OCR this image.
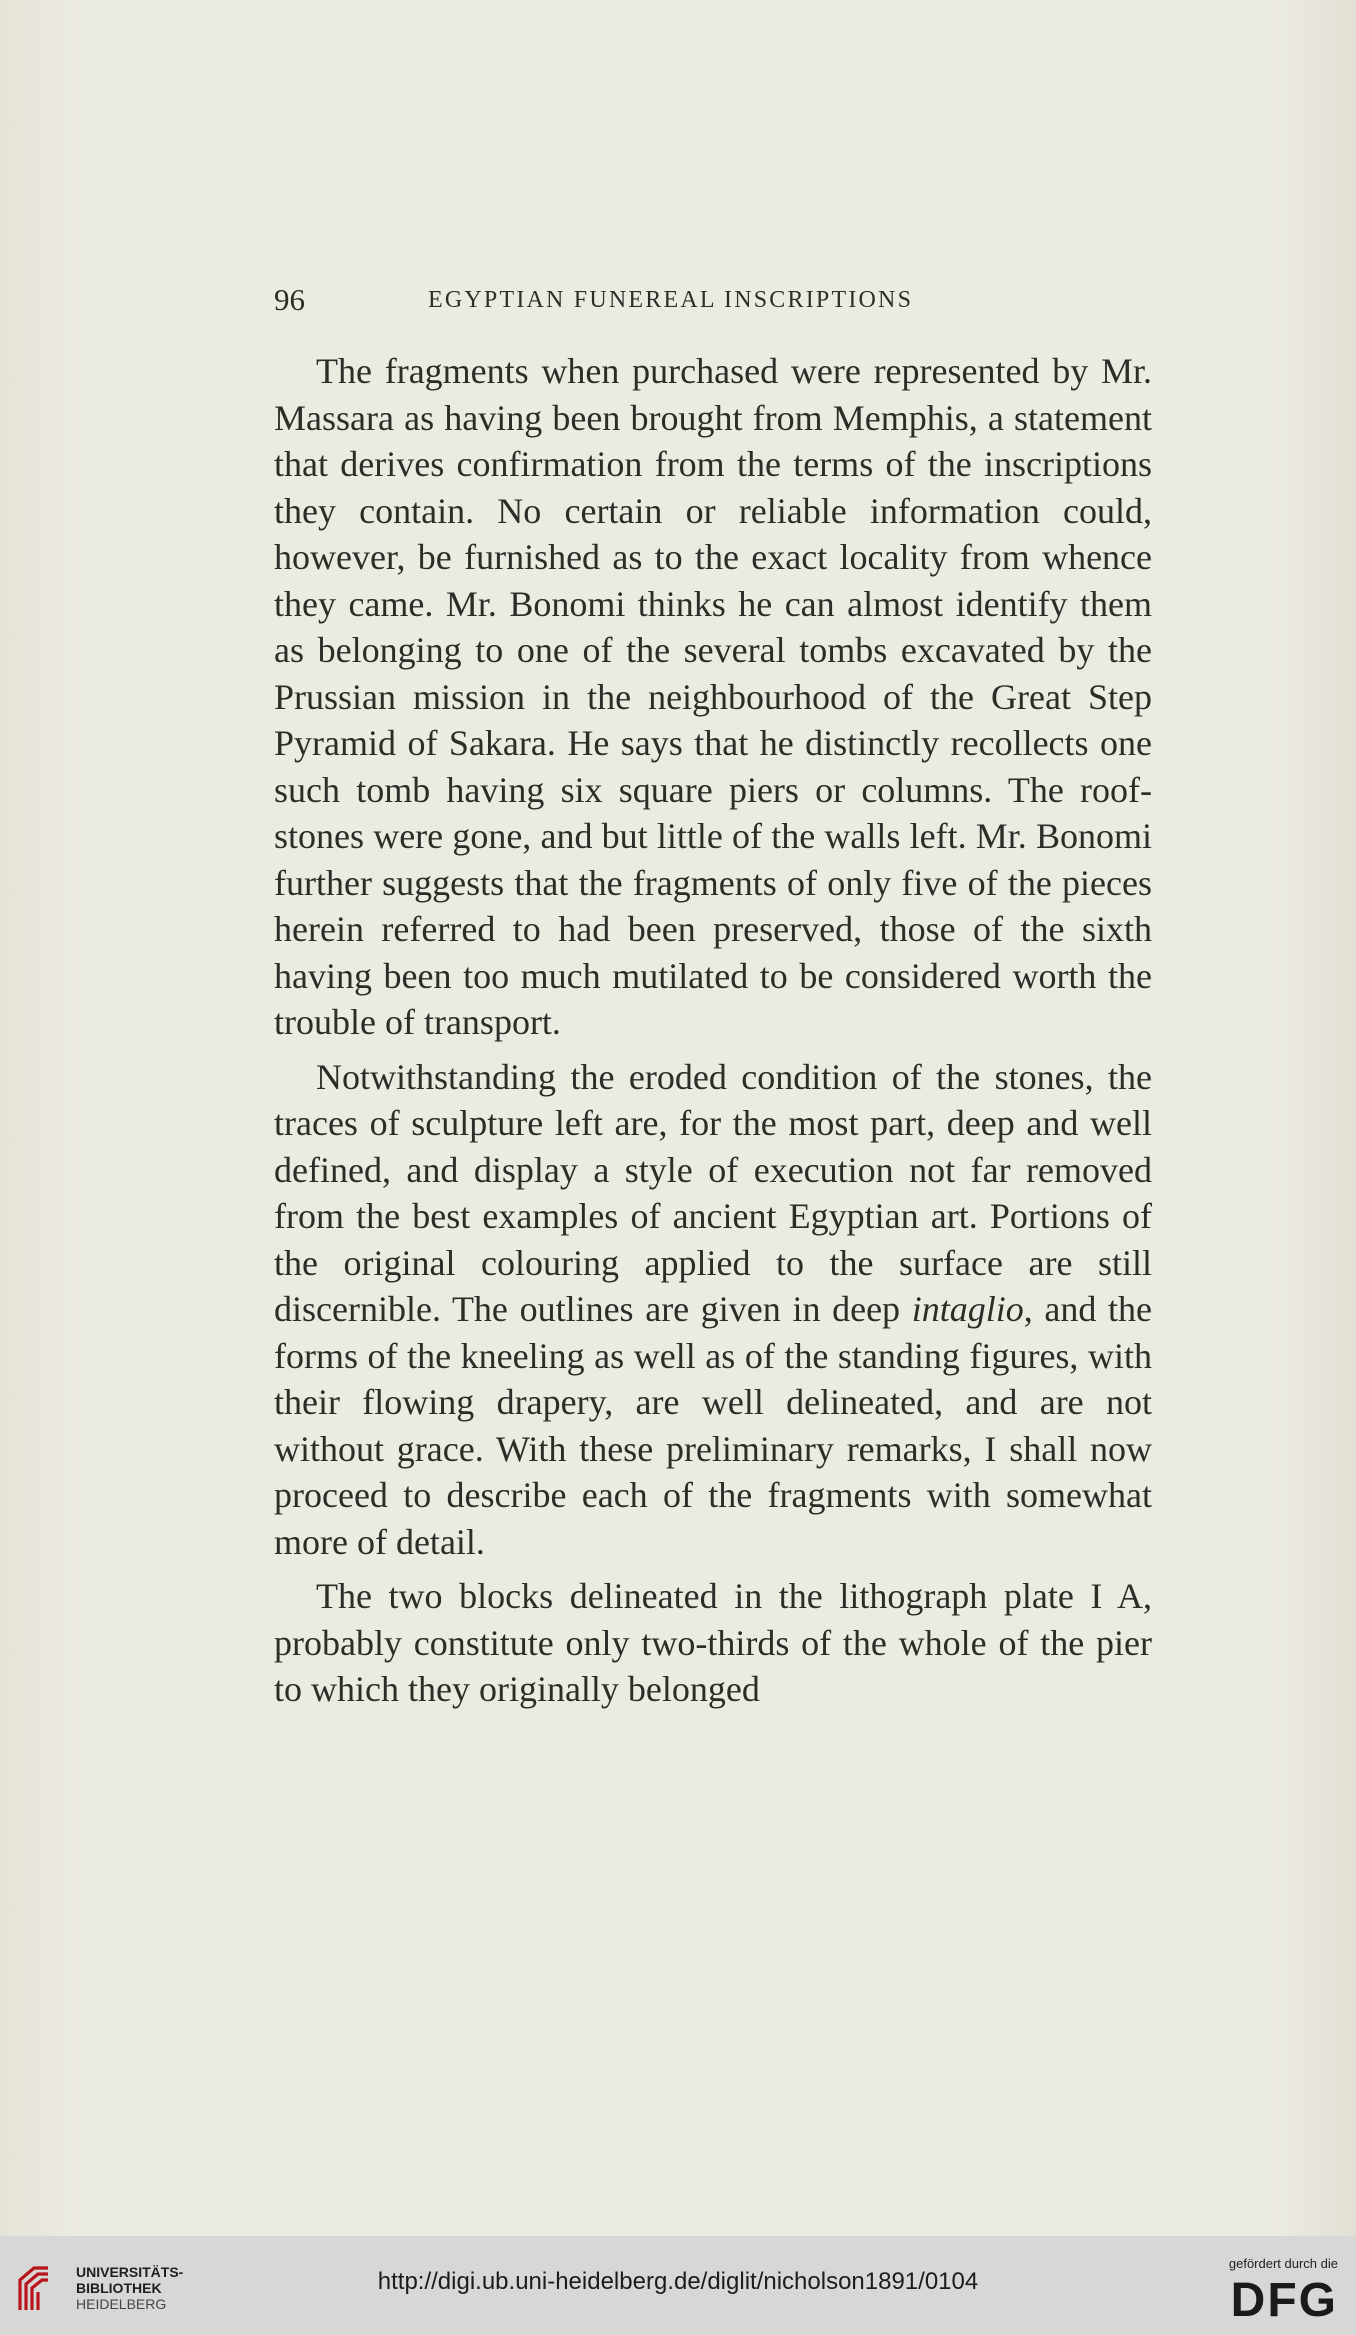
96	EGYPTIAN FUNEREAL INSCRIPTIONS

The fragments when purchased were represented by Mr. Massara as having been brought from Memphis, a statement that derives confirmation from the terms of the inscriptions they contain. No certain or reliable information could, however, be furnished as to the exact locality from whence they came. Mr. Bonomi thinks he can almost identify them as belonging to one of the several tombs excavated by the Prussian mission in the neighbourhood of the Great Step Pyramid of Sakara. He says that he distinctly recollects one such tomb having six square piers or columns. The roof-stones were gone, and but little of the walls left. Mr. Bonomi further suggests that the fragments of only five of the pieces herein referred to had been preserved, those of the sixth having been too much mutilated to be considered worth the trouble of transport.

Notwithstanding the eroded condition of the stones, the traces of sculpture left are, for the most part, deep and well defined, and display a style of execution not far removed from the best examples of ancient Egyptian art. Portions of the original colouring applied to the surface are still discernible. The outlines are given in deep intaglio, and the forms of the kneeling as well as of the standing figures, with their flowing drapery, are well delineated, and are not without grace. With these preliminary remarks, I shall now proceed to describe each of the fragments with somewhat more of detail.

The two blocks delineated in the lithograph plate I A, probably constitute only two-thirds of the whole of the pier to which they originally belonged

UNIVERSITÄTS-
BIBLIOTHEK
HEIDELBERG
http://digi.ub.uni-heidelberg.de/diglit/nicholson1891/0104
gefördert durch die
DFG
